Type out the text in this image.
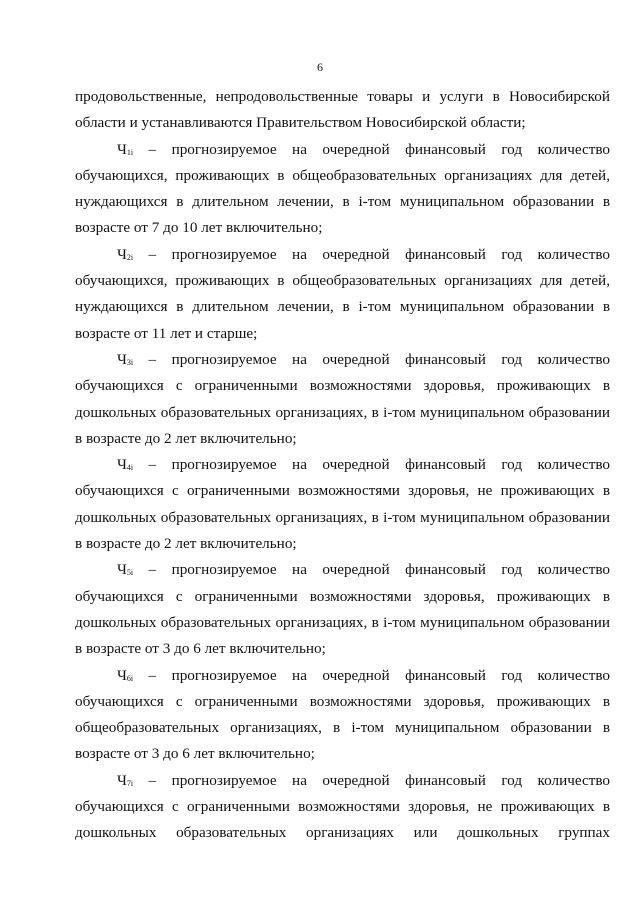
6

продовольственные, непродовольственные товары и услуги в Новосибирской области и устанавливаются Правительством Новосибирской области;

$Ч_{1i}$ – прогнозируемое на очередной финансовый год количество обучающихся, проживающих в общеобразовательных организациях для детей, нуждающихся в длительном лечении, в i-том муниципальном образовании в возрасте от 7 до 10 лет включительно;

$Ч_{2i}$ – прогнозируемое на очередной финансовый год количество обучающихся, проживающих в общеобразовательных организациях для детей, нуждающихся в длительном лечении, в i-том муниципальном образовании в возрасте от 11 лет и старше;

$Ч_{3i}$ – прогнозируемое на очередной финансовый год количество обучающихся с ограниченными возможностями здоровья, проживающих в дошкольных образовательных организациях, в i-том муниципальном образовании в возрасте до 2 лет включительно;

$Ч_{4i}$ – прогнозируемое на очередной финансовый год количество обучающихся с ограниченными возможностями здоровья, не проживающих в дошкольных образовательных организациях, в i-том муниципальном образовании в возрасте до 2 лет включительно;

$Ч_{5i}$ – прогнозируемое на очередной финансовый год количество обучающихся с ограниченными возможностями здоровья, проживающих в дошкольных образовательных организациях, в i-том муниципальном образовании в возрасте от 3 до 6 лет включительно;

$Ч_{6i}$ – прогнозируемое на очередной финансовый год количество обучающихся с ограниченными возможностями здоровья, проживающих в общеобразовательных организациях, в i-том муниципальном образовании в возрасте от 3 до 6 лет включительно;

$Ч_{7i}$ – прогнозируемое на очередной финансовый год количество обучающихся с ограниченными возможностями здоровья, не проживающих в дошкольных образовательных организациях или дошкольных группах
